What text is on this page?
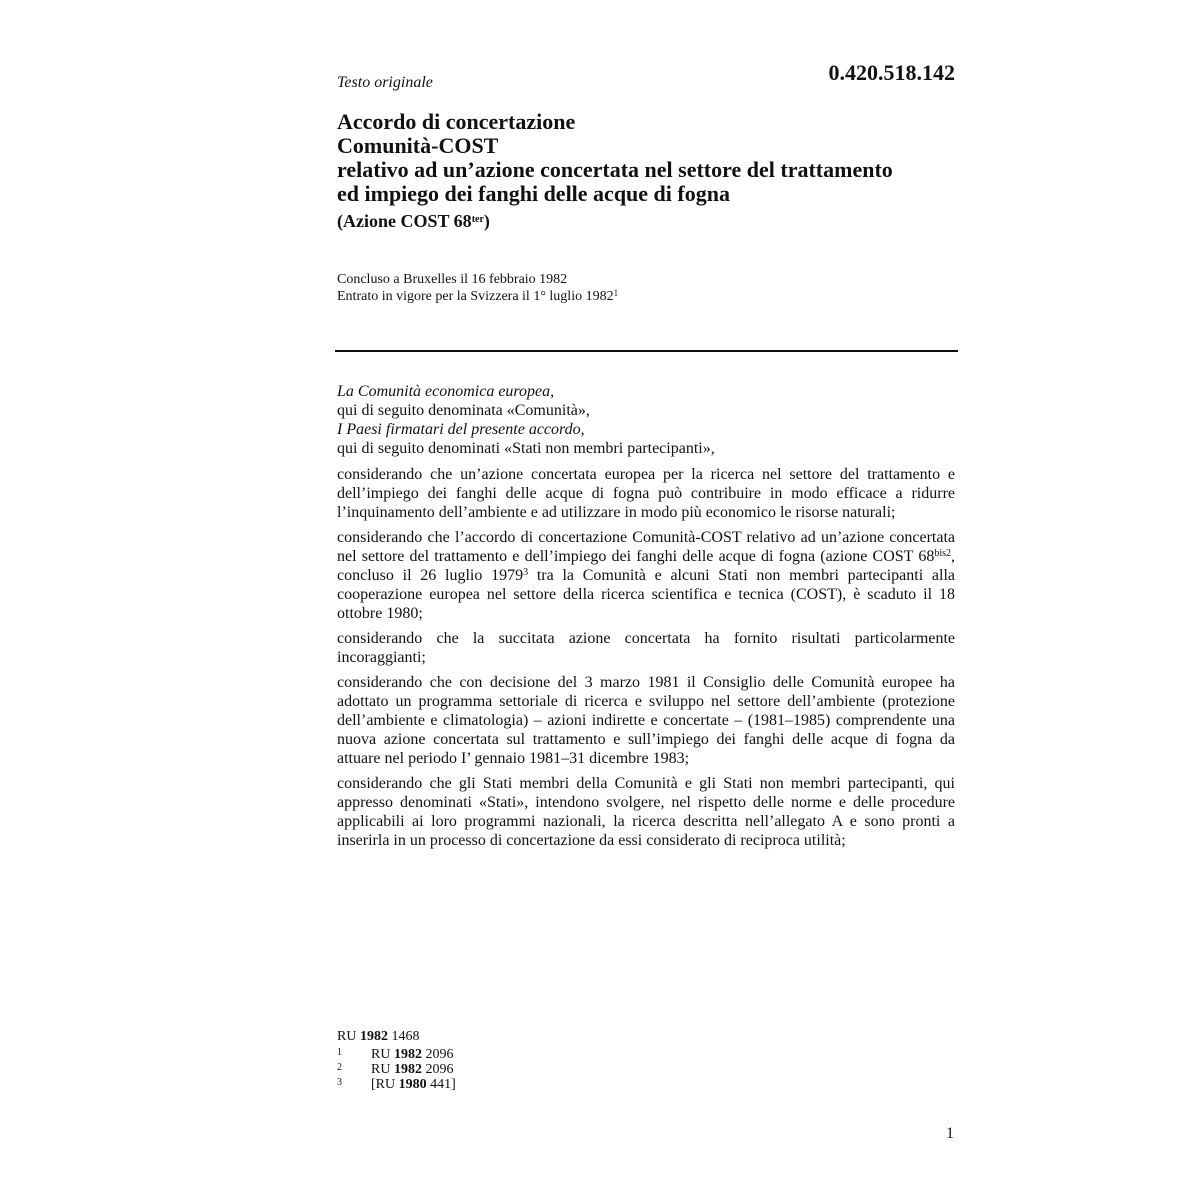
Testo originale	0.420.518.142
Accordo di concertazione
Comunità-COST
relativo ad un’azione concertata nel settore del trattamento
ed impiego dei fanghi delle acque di fogna
(Azione COST $68^{ter}$)
Concluso a Bruxelles il 16 febbraio 1982
Entrato in vigore per la Svizzera il 1° luglio 1982$^1$
La Comunità economica europea,
qui di seguito denominata «Comunità»,
I Paesi firmatari del presente accordo,
qui di seguito denominati «Stati non membri partecipanti»,
considerando che un’azione concertata europea per la ricerca nel settore del trattamento e dell’impiego dei fanghi delle acque di fogna può contribuire in modo efficace a ridurre l’inquinamento dell’ambiente e ad utilizzare in modo più economico le risorse naturali;
considerando che l’accordo di concertazione Comunità-COST relativo ad un’azione concertata nel settore del trattamento e dell’impiego dei fanghi delle acque di fogna (azione COST $68^{bis2}$, concluso il 26 luglio 1979$^3$ tra la Comunità e alcuni Stati non membri partecipanti alla cooperazione europea nel settore della ricerca scientifica e tecnica (COST), è scaduto il 18 ottobre 1980;
considerando che la succitata azione concertata ha fornito risultati particolarmente incoraggianti;
considerando che con decisione del 3 marzo 1981 il Consiglio delle Comunità europee ha adottato un programma settoriale di ricerca e sviluppo nel settore dell’ambiente (protezione dell’ambiente e climatologia) – azioni indirette e concertate – (1981–1985) comprendente una nuova azione concertata sul trattamento e sull’impiego dei fanghi delle acque di fogna da attuare nel periodo I’ gennaio 1981–31 dicembre 1983;
considerando che gli Stati membri della Comunità e gli Stati non membri partecipanti, qui appresso denominati «Stati», intendono svolgere, nel rispetto delle norme e delle procedure applicabili ai loro programmi nazionali, la ricerca descritta nell’allegato A e sono pronti a inserirla in un processo di concertazione da essi considerato di reciproca utilità;
RU 1982 1468
1	RU 1982 2096
2	RU 1982 2096
3	[RU 1980 441]
1
